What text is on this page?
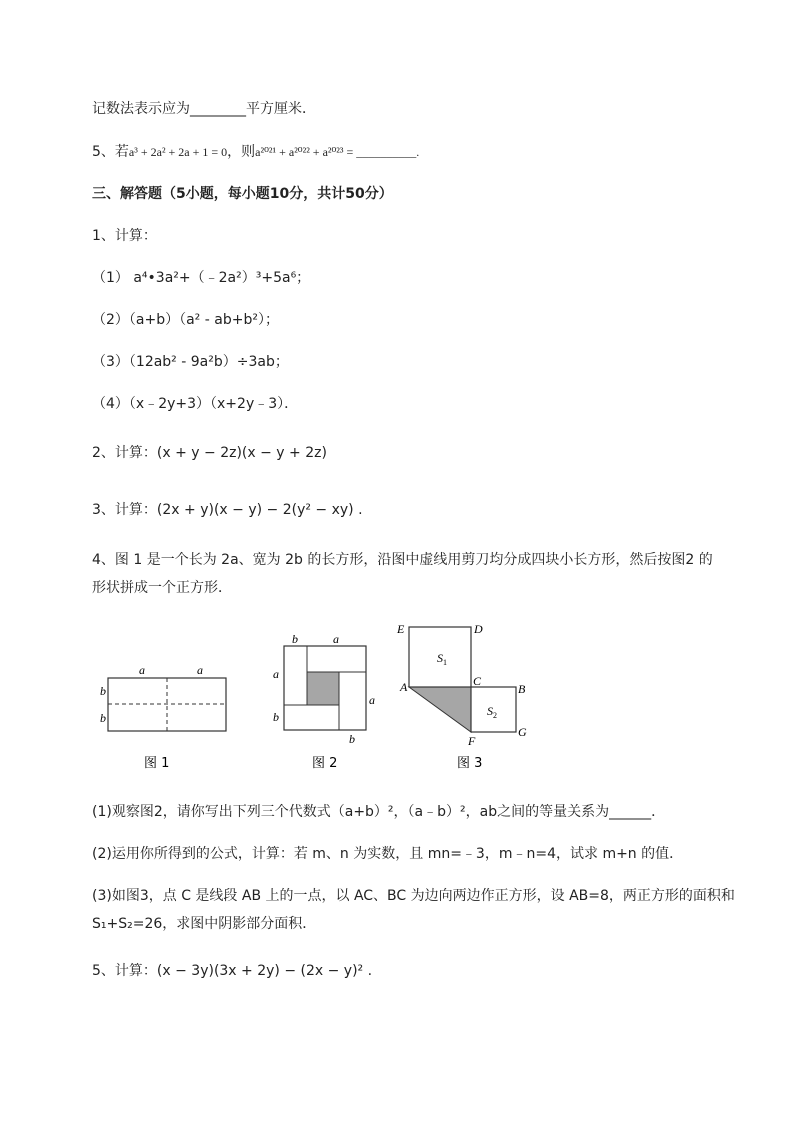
记数法表示应为________平方厘米．
5、若a³ + 2a² + 2a + 1 = 0，则a²⁰²¹ + a²⁰²² + a²⁰²³ = __________.
三、解答题（5小题，每小题10分，共计50分）
1、计算：
（1） a⁴•3a²+（﹣2a²）³+5a⁶；
（2）（a+b）（a² - ab+b²）；
（3）（12ab² - 9a²b）÷3ab；
（4）（x﹣2y+3）（x+2y﹣3）．
2、计算：(x + y − 2z)(x − y + 2z)
3、计算：(2x + y)(x − y) − 2(y² − xy) .
4、图 1 是一个长为 2a、宽为 2b 的长方形，沿图中虚线用剪刀均分成四块小长方形，然后按图2 的
形状拼成一个正方形．
a	a
b
b
图 1
b	a
a
b
a
b
图 2
E	D
$S_1$
A	C
B
$S_2$
F
G
图 3
(1)观察图2，请你写出下列三个代数式（a+b）²，（a﹣b）²，ab之间的等量关系为______．
(2)运用你所得到的公式，计算：若 m、n 为实数，且 mn=﹣3，m﹣n=4，试求 m+n 的值．
(3)如图3，点 C 是线段 AB 上的一点，以 AC、BC 为边向两边作正方形，设 AB=8，两正方形的面积和
S₁+S₂=26，求图中阴影部分面积．
5、计算：(x − 3y)(3x + 2y) − (2x − y)² .
